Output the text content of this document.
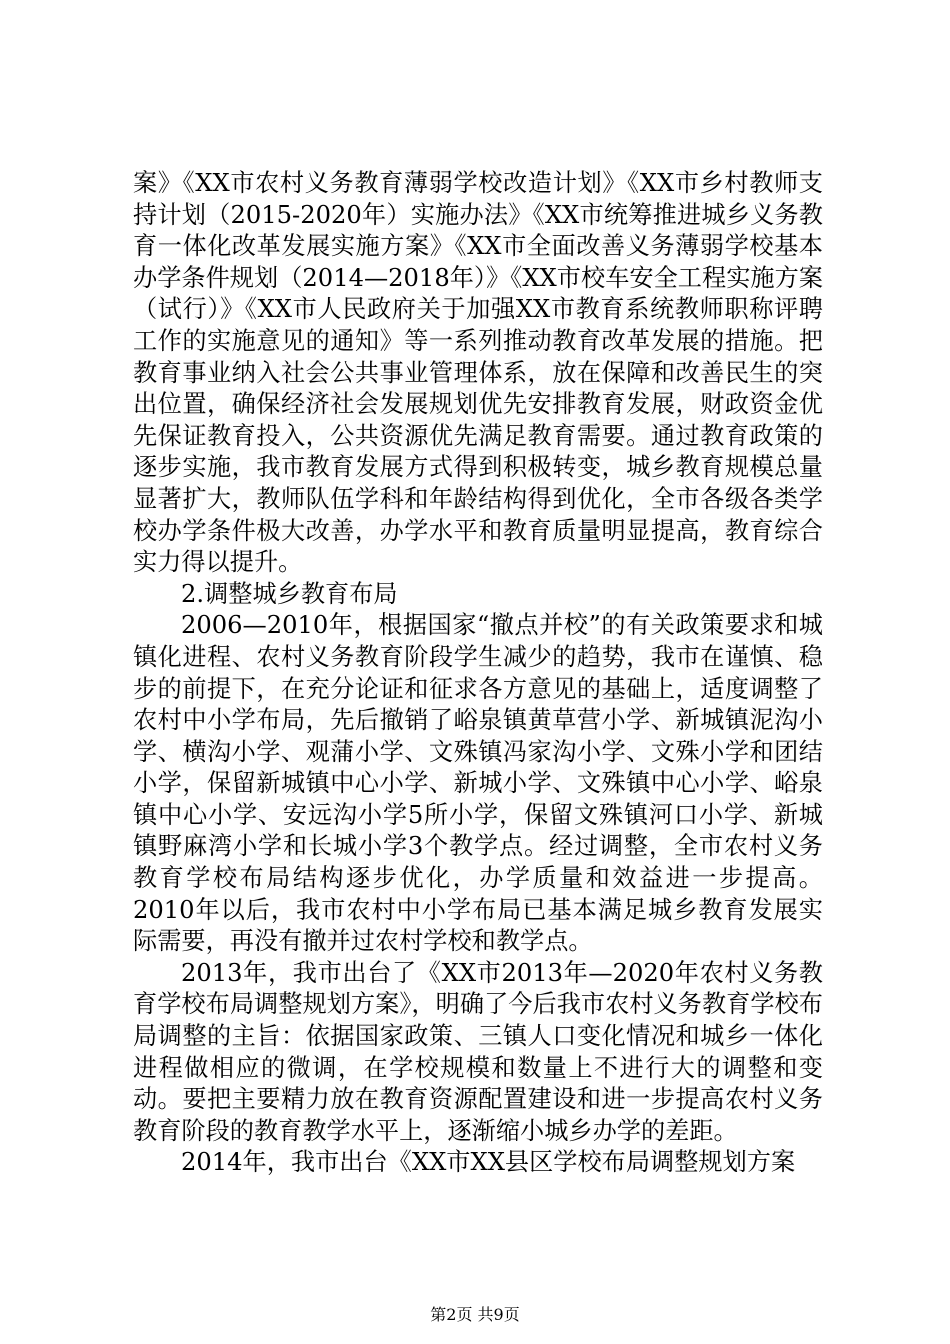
案》《XX市农村义务教育薄弱学校改造计划》《XX市乡村教师支持计划（2015-2020年）实施办法》《XX市统筹推进城乡义务教育一体化改革发展实施方案》《XX市全面改善义务薄弱学校基本办学条件规划（2014—2018年）》《XX市校车安全工程实施方案（试行）》《XX市人民政府关于加强XX市教育系统教师职称评聘工作的实施意见的通知》等一系列推动教育改革发展的措施。把教育事业纳入社会公共事业管理体系，放在保障和改善民生的突出位置，确保经济社会发展规划优先安排教育发展，财政资金优先保证教育投入，公共资源优先满足教育需要。通过教育政策的逐步实施，我市教育发展方式得到积极转变，城乡教育规模总量显著扩大，教师队伍学科和年龄结构得到优化，全市各级各类学校办学条件极大改善，办学水平和教育质量明显提高，教育综合实力得以提升。

2.调整城乡教育布局

2006—2010年，根据国家“撤点并校”的有关政策要求和城镇化进程、农村义务教育阶段学生减少的趋势，我市在谨慎、稳步的前提下，在充分论证和征求各方意见的基础上，适度调整了农村中小学布局，先后撤销了峪泉镇黄草营小学、新城镇泥沟小学、横沟小学、观蒲小学、文殊镇冯家沟小学、文殊小学和团结小学，保留新城镇中心小学、新城小学、文殊镇中心小学、峪泉镇中心小学、安远沟小学5所小学，保留文殊镇河口小学、新城镇野麻湾小学和长城小学3个教学点。经过调整，全市农村义务教育学校布局结构逐步优化，办学质量和效益进一步提高。2010年以后，我市农村中小学布局已基本满足城乡教育发展实际需要，再没有撤并过农村学校和教学点。

2013年，我市出台了《XX市2013年—2020年农村义务教育学校布局调整规划方案》，明确了今后我市农村义务教育学校布局调整的主旨：依据国家政策、三镇人口变化情况和城乡一体化进程做相应的微调，在学校规模和数量上不进行大的调整和变动。要把主要精力放在教育资源配置建设和进一步提高农村义务教育阶段的教育教学水平上，逐渐缩小城乡办学的差距。

2014年，我市出台《XX市XX县区学校布局调整规划方案

第2页 共9页
